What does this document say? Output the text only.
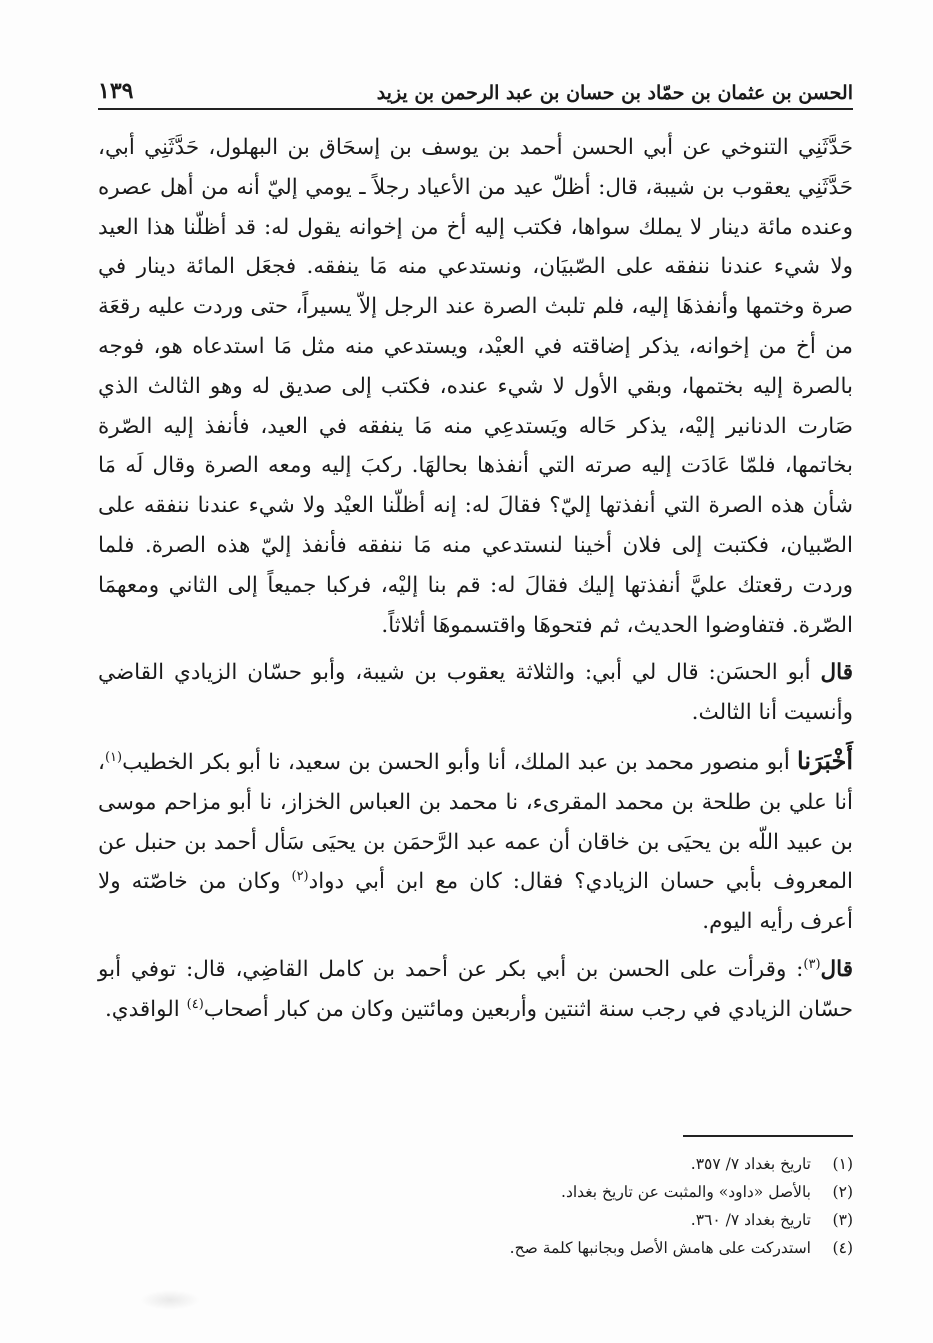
الحسن بن عثمان بن حمّاد بن حسان بن عبد الرحمن بن يزيد
١٣٩

حَدَّثَنِي التنوخي عن أبي الحسن أحمد بن يوسف بن إسحَاق بن البهلول، حَدَّثَنِي أبي، حَدَّثَنِي يعقوب بن شيبة، قال: أظلّ عيد من الأعياد رجلاً ـ يومي إليّ أنه من أهل عصره وعنده مائة دينار لا يملك سواها، فكتب إليه أخ من إخوانه يقول له: قد أظلّنا هذا العيد ولا شيء عندنا ننفقه على الصّبيَان، ونستدعي منه مَا ينفقه. فجعَل المائة دينار في صرة وختمها وأنفذهَا إليه، فلم تلبث الصرة عند الرجل إلاّ يسيراً، حتى وردت عليه رقعَة من أخ من إخوانه، يذكر إضاقته في العيْد، ويستدعي منه مثل مَا استدعاه هو، فوجه بالصرة إليه بختمها، وبقي الأول لا شيء عنده، فكتب إلى صديق له وهو الثالث الذي صَارت الدنانير إليْه، يذكر حَاله ويَستدعِي منه مَا ينفقه في العيد، فأنفذ إليه الصّرة بخاتمها، فلمّا عَادَت إليه صرته التي أنفذها بحالهَا. ركبَ إليه ومعه الصرة وقال لَه مَا شأن هذه الصرة التي أنفذتها إليّ؟ فقالَ له: إنه أظلّنا العيْد ولا شيء عندنا ننفقه على الصّبيان، فكتبت إلى فلان أخينا لنستدعي منه مَا ننفقه فأنفذ إليّ هذه الصرة. فلما وردت رقعتك عليَّ أنفذتها إليك فقالَ له: قم بنا إليْه، فركبا جميعاً إلى الثاني ومعهمَا الصّرة. فتفاوضوا الحديث، ثم فتحوهَا واقتسموهَا أثلاثاً.

قال أبو الحسَن: قال لي أبي: والثلاثة يعقوب بن شيبة، وأبو حسّان الزيادي القاضي وأنسيت أنا الثالث.

أَخْبَرَنا أبو منصور محمد بن عبد الملك، أنا وأبو الحسن بن سعيد، نا أبو بكر الخطيب$^{(١)}$، أنا علي بن طلحة بن محمد المقرىء، نا محمد بن العباس الخزاز، نا أبو مزاحم موسى بن عبيد اللّه بن يحيَى بن خاقان أن عمه عبد الرَّحمَن بن يحيَى سَأل أحمد بن حنبل عن المعروف بأبي حسان الزيادي؟ فقال: كان مع ابن أبي دواد$^{(٢)}$ وكان من خاصّته ولا أعرف رأيه اليوم.

قال$^{(٣)}$: وقرأت على الحسن بن أبي بكر عن أحمد بن كامل القاضِي، قال: توفي أبو حسّان الزيادي في رجب سنة اثنتين وأربعين ومائتين وكان من كبار أصحاب$^{(٤)}$ الواقدي.

(١)
تاريخ بغداد ٧/ ٣٥٧.
(٢)
بالأصل «داود» والمثبت عن تاريخ بغداد.
(٣)
تاريخ بغداد ٧/ ٣٦٠.
(٤)
استدركت على هامش الأصل وبجانبها كلمة صح.
